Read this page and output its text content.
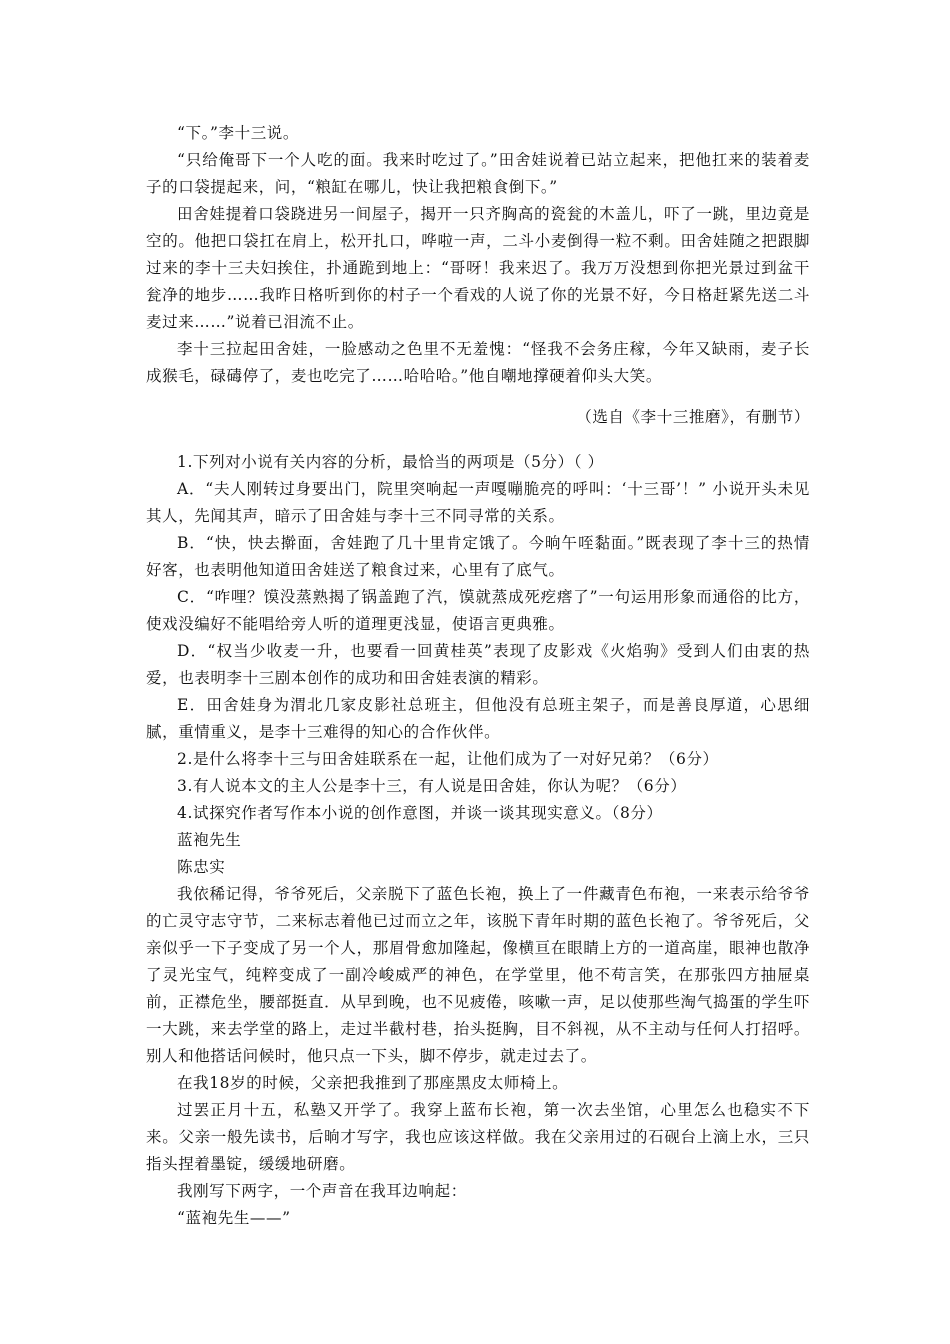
“下。”李十三说。

“只给俺哥下一个人吃的面。我来时吃过了。”田舍娃说着已站立起来，把他扛来的装着麦子的口袋提起来，问，“粮缸在哪儿，快让我把粮食倒下。”

田舍娃提着口袋跷进另一间屋子，揭开一只齐胸高的瓷瓮的木盖儿，吓了一跳，里边竟是空的。他把口袋扛在肩上，松开扎口，哗啦一声，二斗小麦倒得一粒不剩。田舍娃随之把跟脚过来的李十三夫妇挨住，扑通跪到地上：“哥呀！我来迟了。我万万没想到你把光景过到盆干瓮净的地步……我昨日格听到你的村子一个看戏的人说了你的光景不好，今日格赶紧先送二斗麦过来……”说着已泪流不止。

李十三拉起田舍娃，一脸感动之色里不无羞愧：“怪我不会务庄稼，今年又缺雨，麦子长成猴毛，碌碡停了，麦也吃完了……哈哈哈。”他自嘲地撑硬着仰头大笑。

（选自《李十三推磨》，有删节）

1.下列对小说有关内容的分析，最恰当的两项是（5分）（ ）

A．“夫人刚转过身要出门，院里突响起一声嘎嘣脆亮的呼叫：‘十三哥’！” 小说开头未见其人，先闻其声，暗示了田舍娃与李十三不同寻常的关系。

B．“快，快去擀面，舍娃跑了几十里肯定饿了。今晌午咥黏面。”既表现了李十三的热情好客，也表明他知道田舍娃送了粮食过来，心里有了底气。

C．“咋哩？馍没蒸熟揭了锅盖跑了汽，馍就蒸成死疙瘩了”一句运用形象而通俗的比方，使戏没编好不能唱给旁人听的道理更浅显，使语言更典雅。

D．“权当少收麦一升，也要看一回黄桂英”表现了皮影戏《火焰驹》受到人们由衷的热爱，也表明李十三剧本创作的成功和田舍娃表演的精彩。

E．田舍娃身为渭北几家皮影社总班主，但他没有总班主架子，而是善良厚道，心思细腻，重情重义，是李十三难得的知心的合作伙伴。

2.是什么将李十三与田舍娃联系在一起，让他们成为了一对好兄弟？（6分）

3.有人说本文的主人公是李十三，有人说是田舍娃，你认为呢？（6分）

4.试探究作者写作本小说的创作意图，并谈一谈其现实意义。（8分）

蓝袍先生

陈忠实

我依稀记得，爷爷死后，父亲脱下了蓝色长袍，换上了一件藏青色布袍，一来表示给爷爷的亡灵守志守节，二来标志着他已过而立之年，该脱下青年时期的蓝色长袍了。爷爷死后，父亲似乎一下子变成了另一个人，那眉骨愈加隆起，像横亘在眼睛上方的一道高崖，眼神也散净了灵光宝气，纯粹变成了一副冷峻威严的神色，在学堂里，他不苟言笑，在那张四方抽屉桌前，正襟危坐，腰部挺直．从早到晚，也不见疲倦，咳嗽一声，足以使那些淘气捣蛋的学生吓一大跳，来去学堂的路上，走过半截村巷，抬头挺胸，目不斜视，从不主动与任何人打招呼。别人和他搭话问候时，他只点一下头，脚不停步，就走过去了。

在我18岁的时候，父亲把我推到了那座黑皮太师椅上。

过罢正月十五，私塾又开学了。我穿上蓝布长袍，第一次去坐馆，心里怎么也稳实不下来。父亲一般先读书，后晌才写字，我也应该这样做。我在父亲用过的石砚台上滴上水，三只指头捏着墨锭，缓缓地研磨。

我刚写下两字，一个声音在我耳边响起：

“蓝袍先生——”
